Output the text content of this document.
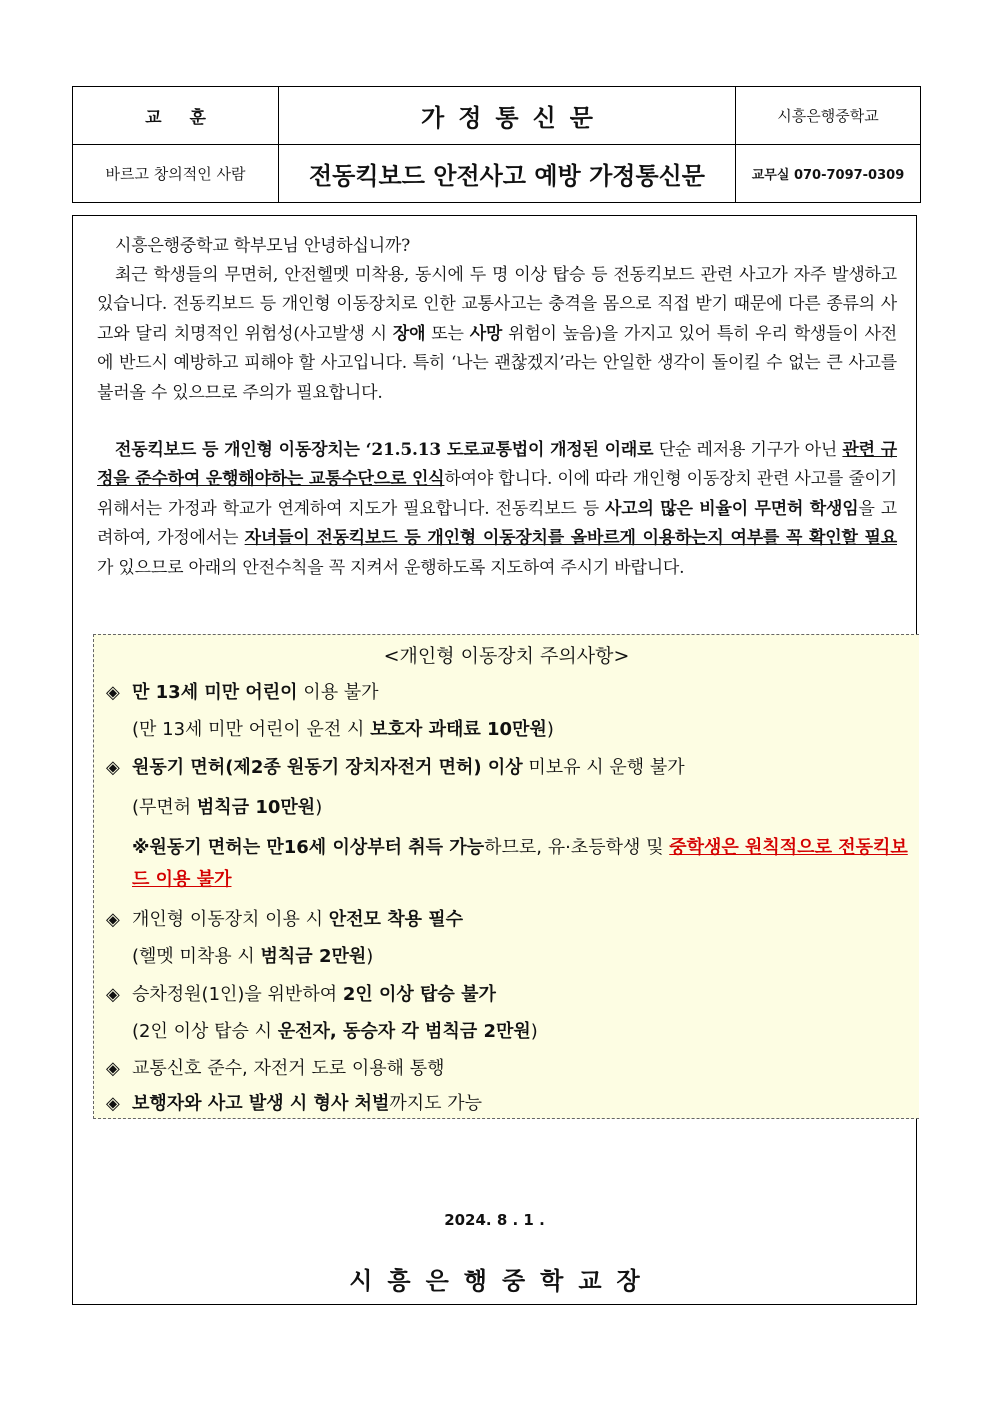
교훈	가정통신문	시흥은행중학교
바르고 창의적인 사람	전동킥보드 안전사고 예방 가정통신문	교무실 070-7097-0309
시흥은행중학교 학부모님 안녕하십니까?
최근 학생들의 무면허, 안전헬멧 미착용, 동시에 두 명 이상 탑승 등 전동킥보드 관련 사고가 자주 발생하고 있습니다. 전동킥보드 등 개인형 이동장치로 인한 교통사고는 충격을 몸으로 직접 받기 때문에 다른 종류의 사고와 달리 치명적인 위험성(사고발생 시 장애 또는 사망 위험이 높음)을 가지고 있어 특히 우리 학생들이 사전에 반드시 예방하고 피해야 할 사고입니다. 특히 ‘나는 괜찮겠지’라는 안일한 생각이 돌이킬 수 없는 큰 사고를 불러올 수 있으므로 주의가 필요합니다.
전동킥보드 등 개인형 이동장치는 ‘21.5.13 도로교통법이 개정된 이래로 단순 레저용 기구가 아닌 관련 규정을 준수하여 운행해야하는 교통수단으로 인식하여야 합니다. 이에 따라 개인형 이동장치 관련 사고를 줄이기 위해서는 가정과 학교가 연계하여 지도가 필요합니다. 전동킥보드 등 사고의 많은 비율이 무면허 학생임을 고려하여, 가정에서는 자녀들이 전동킥보드 등 개인형 이동장치를 올바르게 이용하는지 여부를 꼭 확인할 필요가 있으므로 아래의 안전수칙을 꼭 지켜서 운행하도록 지도하여 주시기 바랍니다.
<개인형 이동장치 주의사항>
◈ 만 13세 미만 어린이 이용 불가
(만 13세 미만 어린이 운전 시 보호자 과태료 10만원)
◈ 원동기 면허(제2종 원동기 장치자전거 면허) 이상 미보유 시 운행 불가
(무면허 범칙금 10만원)
※원동기 면허는 만16세 이상부터 취득 가능하므로, 유·초등학생 및 중학생은 원칙적으로 전동킥보드 이용 불가
◈ 개인형 이동장치 이용 시 안전모 착용 필수
(헬멧 미착용 시 범칙금 2만원)
◈ 승차정원(1인)을 위반하여 2인 이상 탑승 불가
(2인 이상 탑승 시 운전자, 동승자 각 범칙금 2만원)
◈ 교통신호 준수, 자전거 도로 이용해 통행
◈ 보행자와 사고 발생 시 형사 처벌까지도 가능
2024. 8 . 1 .
시흥은행중학교장
